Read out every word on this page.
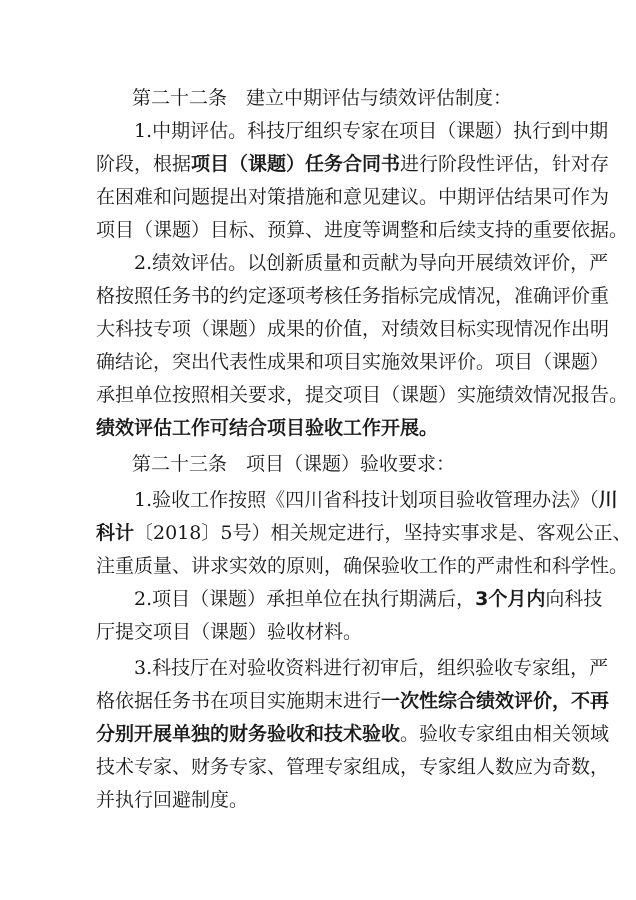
第二十二条　建立中期评估与绩效评估制度：

1.中期评估。科技厅组织专家在项目（课题）执行到中期

阶段，根据项目（课题）任务合同书进行阶段性评估，针对存

在困难和问题提出对策措施和意见建议。中期评估结果可作为

项目（课题）目标、预算、进度等调整和后续支持的重要依据。

2.绩效评估。以创新质量和贡献为导向开展绩效评价，严

格按照任务书的约定逐项考核任务指标完成情况，准确评价重

大科技专项（课题）成果的价值，对绩效目标实现情况作出明

确结论，突出代表性成果和项目实施效果评价。项目（课题）

承担单位按照相关要求，提交项目（课题）实施绩效情况报告。

绩效评估工作可结合项目验收工作开展。

第二十三条　项目（课题）验收要求：

1.验收工作按照《四川省科技计划项目验收管理办法》（川

科计〔2018〕5号）相关规定进行，坚持实事求是、客观公正、

注重质量、讲求实效的原则，确保验收工作的严肃性和科学性。

2.项目（课题）承担单位在执行期满后，3个月内向科技

厅提交项目（课题）验收材料。

3.科技厅在对验收资料进行初审后，组织验收专家组，严

格依据任务书在项目实施期末进行一次性综合绩效评价，不再

分别开展单独的财务验收和技术验收。验收专家组由相关领域

技术专家、财务专家、管理专家组成，专家组人数应为奇数，

并执行回避制度。
